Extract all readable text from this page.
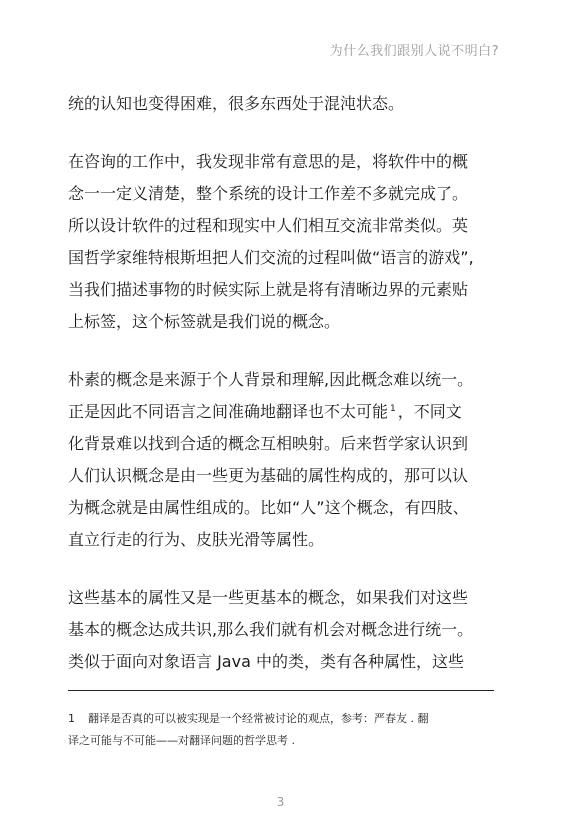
为什么我们跟别人说不明白?

统的认知也变得困难，很多东西处于混沌状态。

在咨询的工作中，我发现非常有意思的是，将软件中的概
念一一定义清楚，整个系统的设计工作差不多就完成了。
所以设计软件的过程和现实中人们相互交流非常类似。英
国哲学家维特根斯坦把人们交流的过程叫做“语言的游戏”,
当我们描述事物的时候实际上就是将有清晰边界的元素贴
上标签，这个标签就是我们说的概念。

朴素的概念是来源于个人背景和理解,因此概念难以统一。
正是因此不同语言之间准确地翻译也不太可能 $^1$ ，不同文
化背景难以找到合适的概念互相映射。后来哲学家认识到
人们认识概念是由一些更为基础的属性构成的，那可以认
为概念就是由属性组成的。比如“人”这个概念，有四肢、
直立行走的行为、皮肤光滑等属性。

这些基本的属性又是一些更基本的概念，如果我们对这些
基本的概念达成共识,那么我们就有机会对概念进行统一。
类似于面向对象语言 Java 中的类，类有各种属性，这些

1 翻译是否真的可以被实现是一个经常被讨论的观点，参考：严春友 . 翻
译之可能与不可能——对翻译问题的哲学思考 .
3
